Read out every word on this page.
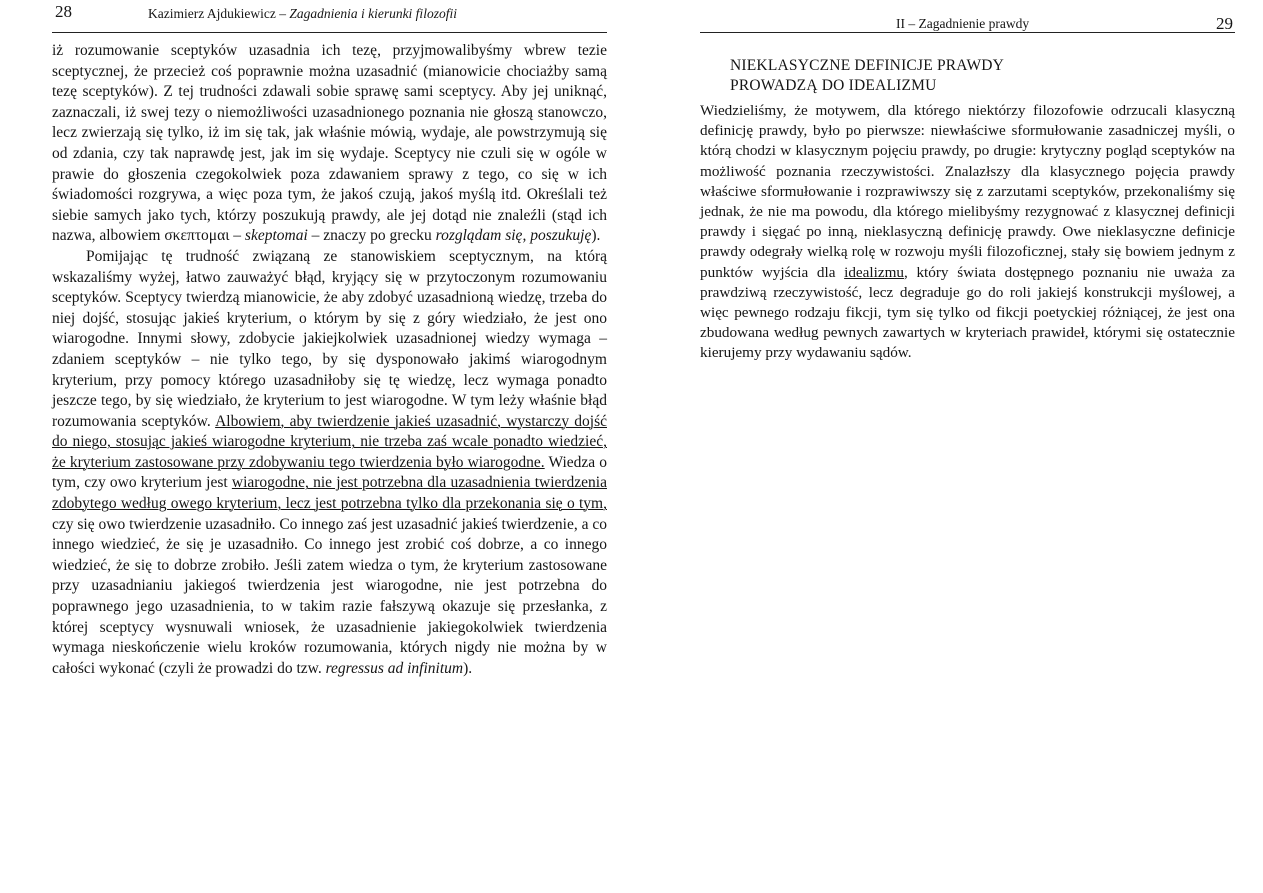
28	Kazimierz Ajdukiewicz – Zagadnienia i kierunki filozofii

iż rozumowanie sceptyków uzasadnia ich tezę, przyjmowalibyśmy wbrew tezie sceptycznej, że przecież coś poprawnie można uzasadnić (mianowicie chociażby samą tezę sceptyków). Z tej trudności zdawali sobie sprawę sami sceptycy. Aby jej uniknąć, zaznaczali, iż swej tezy o niemożliwości uzasadnionego poznania nie głoszą stanowczo, lecz zwierzają się tylko, iż im się tak, jak właśnie mówią, wydaje, ale powstrzymują się od zdania, czy tak naprawdę jest, jak im się wydaje. Sceptycy nie czuli się w ogóle w prawie do głoszenia czegokolwiek poza zdawaniem sprawy z tego, co się w ich świadomości rozgrywa, a więc poza tym, że jakoś czują, jakoś myślą itd. Określali też siebie samych jako tych, którzy poszukują prawdy, ale jej dotąd nie znaleźli (stąd ich nazwa, albowiem σκεπτομαι – skeptomai – znaczy po grecku rozglądam się, poszukuję).

Pomijając tę trudność związaną ze stanowiskiem sceptycznym, na którą wskazaliśmy wyżej, łatwo zauważyć błąd, kryjący się w przytoczonym rozumowaniu sceptyków. Sceptycy twierdzą mianowicie, że aby zdobyć uzasadnioną wiedzę, trzeba do niej dojść, stosując jakieś kryterium, o którym by się z góry wiedziało, że jest ono wiarogodne. Innymi słowy, zdobycie jakiejkolwiek uzasadnionej wiedzy wymaga – zdaniem sceptyków – nie tylko tego, by się dysponowało jakimś wiarogodnym kryterium, przy pomocy którego uzasadniłoby się tę wiedzę, lecz wymaga ponadto jeszcze tego, by się wiedziało, że kryterium to jest wiarogodne. W tym leży właśnie błąd rozumowania sceptyków. Albowiem, aby twierdzenie jakieś uzasadnić, wystarczy dojść do niego, stosując jakieś wiarogodne kryterium, nie trzeba zaś wcale ponadto wiedzieć, że kryterium zastosowane przy zdobywaniu tego twierdzenia było wiarogodne. Wiedza o tym, czy owo kryterium jest wiarogodne, nie jest potrzebna dla uzasadnienia twierdzenia zdobytego według owego kryterium, lecz jest potrzebna tylko dla przekonania się o tym, czy się owo twierdzenie uzasadniło. Co innego zaś jest uzasadnić jakieś twierdzenie, a co innego wiedzieć, że się je uzasadniło. Co innego jest zrobić coś dobrze, a co innego wiedzieć, że się to dobrze zrobiło. Jeśli zatem wiedza o tym, że kryterium zastosowane przy uzasadnianiu jakiegoś twierdzenia jest wiarogodne, nie jest potrzebna do poprawnego jego uzasadnienia, to w takim razie fałszywą okazuje się przesłanka, z której sceptycy wysnuwali wniosek, że uzasadnienie jakiegokolwiek twierdzenia wymaga nieskończenie wielu kroków rozumowania, których nigdy nie można by w całości wykonać (czyli że prowadzi do tzw. regressus ad infinitum).

II – Zagadnienie prawdy	29
NIEKLASYCZNE DEFINICJE PRAWDY
PROWADZĄ DO IDEALIZMU

Wiedzieliśmy, że motywem, dla którego niektórzy filozofowie odrzucali klasyczną definicję prawdy, było po pierwsze: niewłaściwe sformułowanie zasadniczej myśli, o którą chodzi w klasycznym pojęciu prawdy, po drugie: krytyczny pogląd sceptyków na możliwość poznania rzeczywistości. Znalazłszy dla klasycznego pojęcia prawdy właściwe sformułowanie i rozprawiwszy się z zarzutami sceptyków, przekonaliśmy się jednak, że nie ma powodu, dla którego mielibyśmy rezygnować z klasycznej definicji prawdy i sięgać po inną, nieklasyczną definicję prawdy. Owe nieklasyczne definicje prawdy odegrały wielką rolę w rozwoju myśli filozoficznej, stały się bowiem jednym z punktów wyjścia dla idealizmu, który świata dostępnego poznaniu nie uważa za prawdziwą rzeczywistość, lecz degraduje go do roli jakiejś konstrukcji myślowej, a więc pewnego rodzaju fikcji, tym się tylko od fikcji poetyckiej różniącej, że jest ona zbudowana według pewnych zawartych w kryteriach prawideł, którymi się ostatecznie kierujemy przy wydawaniu sądów.
